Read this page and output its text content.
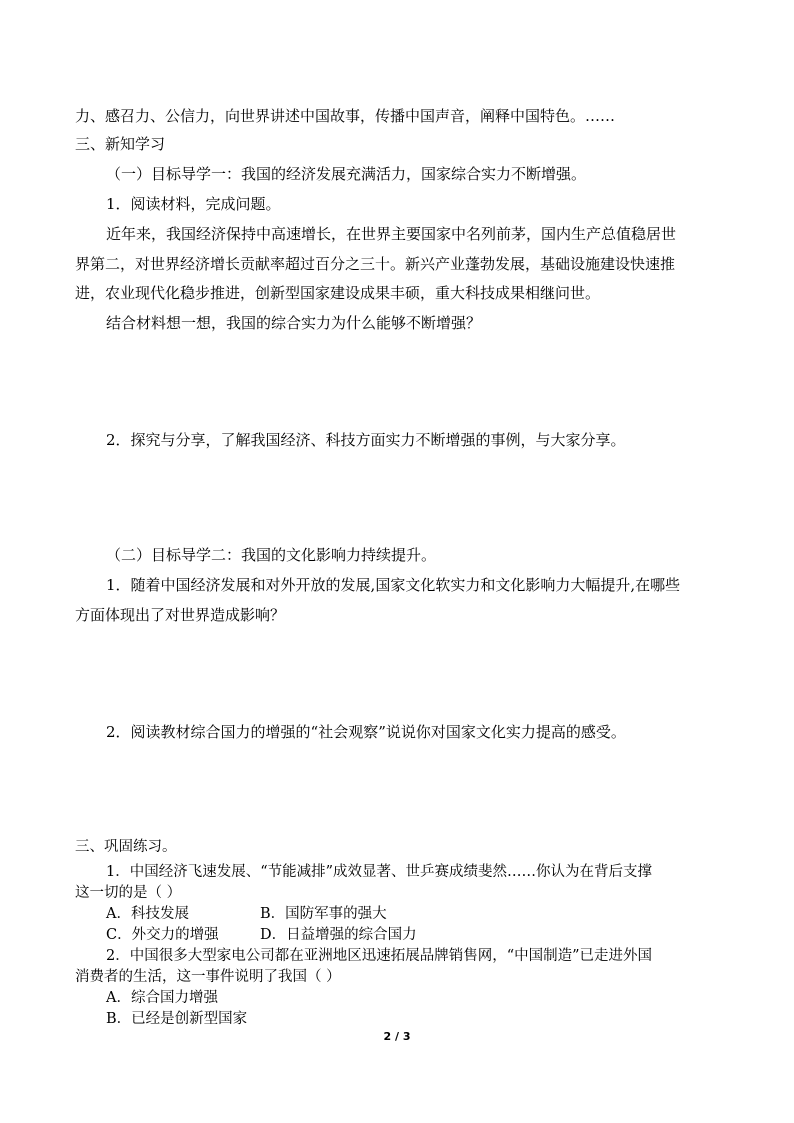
力、感召力、公信力，向世界讲述中国故事，传播中国声音，阐释中国特色。……
三、新知学习
（一）目标导学一：我国的经济发展充满活力，国家综合实力不断增强。
1．阅读材料，完成问题。
近年来，我国经济保持中高速增长，在世界主要国家中名列前茅，国内生产总值稳居世
界第二，对世界经济增长贡献率超过百分之三十。新兴产业蓬勃发展，基础设施建设快速推
进，农业现代化稳步推进，创新型国家建设成果丰硕，重大科技成果相继问世。
结合材料想一想，我国的综合实力为什么能够不断增强？
2．探究与分享，了解我国经济、科技方面实力不断增强的事例，与大家分享。
（二）目标导学二：我国的文化影响力持续提升。
1．随着中国经济发展和对外开放的发展,国家文化软实力和文化影响力大幅提升,在哪些
方面体现出了对世界造成影响？
2．阅读教材综合国力的增强的“社会观察”说说你对国家文化实力提高的感受。
三、巩固练习。
1．中国经济飞速发展、“节能减排”成效显著、世乒赛成绩斐然……你认为在背后支撑
这一切的是（ ）
A．科技发展	B．国防军事的强大
C．外交力的增强	D．日益增强的综合国力
2．中国很多大型家电公司都在亚洲地区迅速拓展品牌销售网，“中国制造”已走进外国
消费者的生活，这一事件说明了我国（ ）
A．综合国力增强
B．已经是创新型国家
2 / 3
